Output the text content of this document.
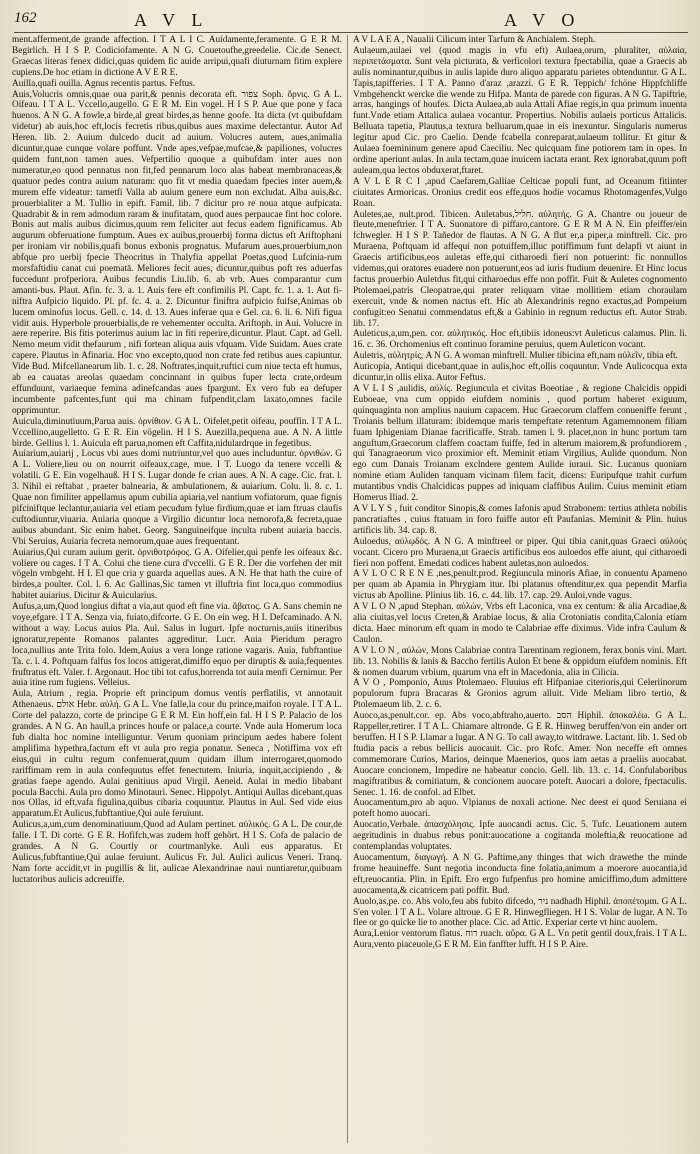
162	A V L	A V O

ment.afferment,de grande affection. I T A L I C. Auidamente,feramente. G E R M. Begirlich. H I S P. Codiciofamente. A N G. Couetoufhe,greedelie. Cic.de Senect. Graecas literas fenex didici,quas quidem fic auide arripui,quafi diuturnam fitim explere cupiens.De hoc etiam in dictione A V E R E.

Auilla,quafi ouilla. Agnus recentis partus. Feftus.

Auis,Volucris omnis,quae oua parit,& pennis decorata eft. צפור Soph. ὄρνις. G A L. Oifeau. I T A L. Vccello,augello. G E R M. Ein vogel. H I S P. Aue que pone y faca huenos. A N G. A fowle,a birde,al great birdes,as henne goofe. Ita dicta (vt quibufdam videtur) ab auis,hoc eft,locis fecretis ribus,quibus aues maxime delectantur. Autor Ad Heren. lib. 2. Auium dulcedo ducit ad auium. Volucres autem, aues,animalia dicuntur,quae cunque volare poffunt. Vnde apes,vefpae,mufcae,& papiliones, volucres quidem funt,non tamen aues. Vefpertilio quoque a quibufdam inter aues non numeratur,eo quod pennatus non fit,fed pennarum loco alas habeat membranaceas,& quatuor pedes contra auium naturam: quo fit vt media quaedam fpecies inter auem,& murem effe videatur: tametfi Valla ab auium genere eum non excludat. Alba auis,&c. prouerbialiter a M. Tullio in epift. Famil. lib. 7 dicitur pro re noua atque aufpicata. Quadrabit & in rem admodum raram & inufitatam, quod aues perpaucae fint hoc colore. Bonis aut malis auibus dicimus,quum rem feliciter aut fecus eadem fignificamus. Ab augurum obferuatione fumptum. Aues ex auibus,prouerbij forma dictus eft Ariftophani per ironiam vir nobilis,quafi bonus exbonis prognatus. Mufarum aues,prouerbium,non abfque pro uerbij fpecie Theocritus in Thalyfia appellat Poetas,quod Lufcinia-rum morsfaftidiu canat cui poematā. Meliores fecit aues, dicuntur,quibus poft res aduerfas fuccedunt profperiora. Auibus fecundis Liu.lib. 6. ab vrb. Aues comparantur cum amanti-bus. Plaut. Afin. fc. 3. a. 1. Auis fere eft confimilis Pl. Capt. fc. 1. a. 1. Aut fi-niftra Aufpicio liquido. Pl. pf. fc. 4. a. 2. Dicuntur finiftra aufpicio fuifse,Animas ob lucem ominofus locus. Gell. c. 14. d. 13. Aues inferae qua e Gel. ca. 6. li. 6. Nifi figua vidit auis. Hyperbole prouerbialis,de re vehementer occulta. Ariftoph. in Aui. Volucre in aere reperire. Bis fitis poterimus auium lac in fiti reperire,dicuntur. Plaut. Capt. ad Gell. Nemo meum vidit thefaurum , nifi fortean aliqua auis vfquam. Vide Suidam. Aues crate capere. Plautus in Afinaria. Hoc vno excepto,quod non crate fed retibus aues capiuntur. Vide Bud. Mifcellanearum lib. 1. c. 28. Noftrates,inquit,ruftici cum niue tecta eft humus, ab ea cauatas areolas quaedam concinnant in quibus fuper lecta crate,ordeum effunduunt, variaeque femina adinefcandas aues fpargunt. Ex vero fub ea defuper incumbente pafcentes,funt qui ma chinam fufpendit,clam laxato,omnes facile opprimuntur.

Auicula,diminutiuum,Parua auis. ὀρνίθιον. G A L. Oifelet,petit oifeau, pouffin. I T A L. Vccellino,augelletto. G E R. Ein vögelin. H I S. Auezilla,pequena aue. A N. A little birde. Gellius l. 1. Auicula eft parua,nomen eft Caffita,nidulardrque in fegetibus.

Auiarium,auiarij , Locus vbi aues domi nutriuntur,vel quo aues includuntur. ὀρνιθών. G A L. Voliere,lieu ou on nourrit oifeaux,cage, mue. I T. Luogo da tenere vccelli & volatili. G E. Ein vogelhauß. H I S. Lugar donde fe crian aues. A N. A cage. Cic. frat. l. 3. Nihil ei reftabat , praeter balnearia, & ambulationem, & auiarium. Colu. li. 8. c. 1. Quae non fimiliter appellamus apum cubilia apiaria,vel nantium vofiatorum, quae fignis pifciniftque leclantur,auiaria vel etiam pecudum fylue firdium,quae et iam ftruas claufis cuftodiuntur,viuaria. Auiaria quoque a Virgilio dicuntur loca nemorofa,& fecreta,quae auibus abundant. Sic enim habet. Georg. Sanguineifque inculta rubent auiaria baccis. Vbi Seruius, Auiaria fecreta nemorum,quae aues frequentant.

Auiarius,Qui curam auium gerit. ὀρνιθοτρόφος. G A. Oifelier,qui penfe les oifeaux &c. voliere ou cages. I T A. Colui che tiene cura d'vccelli. G E R. Der die vorfehen der mit vögeln vmbgeht. H I. El que cria y guarda aquellas aues. A N. He that hath the cuire of birdes,a poulter. Col. l. 6. Ac Gallinas,Sic tamen vt illuftria fint loca,quo commodius habitet auiarius. Dicitur & Auicularius.

Aufus,a,um,Quod longius diftat a via,aut quod eft fine via. ἄβατος. G A. Sans chemin ne voye,efgare. I T A. Senza via, fuiato,difcorte. G E. On ein weg. H I. Defcaminado. A N. without a way. Locus auius Pla. Aul. Salus in Iugurt. Ipfe nocturnis,auiis itineribus ignoratur,repente Romanos palantes aggreditur. Lucr. Auia Pieridum peragro loca,nullius ante Trita folo. Idem,Auius a vera longe ratione vagaris. Auia, fubftantiue Ta. c. l. 4. Poftquam falfus fos locos attigerat,dimiffo equo per diruptis & auia,fequentes fruftratus eft. Valer. f. Argonaut. Hoc tibi tot cafus,horrenda tot auia menfi Cernimur. Per auia itine rum fugiens. Velleius.

Aula, Atrium , regia. Proprie eft principum domus ventis perflatilis, vt annotauit Athenaeus. אולם Hebr. αὐλή. G A L. Vne falle,la cour du prince,maifon royale. I T A L. Corte del palazzo, corte de principe G E R M. Ein hoff,ein fal. H I S P. Palacio de los grandes. A N G. An haull,a princes houfe or palace,a courte. Vnde aula Homerum loca fub dialta hoc nomine intelliguntur. Verum quoniam principum aedes habere folent amplifima hypethra,factum eft vt aula pro regia ponatur. Seneca , Notiffima vox eft eius,qui in cultu regum confenuerat,quum quidam illum interrogaret,quomodo rariffimam rem in aula confequutus effet fenectutem. Iniuria, inquit,accipiendo , & gratias faepe agendo. Aulai genitiuus apud Virgil. Aeneid. Aulai in medio libabant pocula Bacchi. Aula pro domo Minotauri. Senec. Hippolyt. Antiqui Aullas dicebant,quas nos Ollas, id eft,vafa figulina,quibus cibaria coquuntur. Plautus in Aul. Sed vide eius apparatum.Et Aulicus,fubftantiue,Qui aule feruiunt.

Aulicus,a,um,cum denominatiuum,Quod ad Aulam pertinet. αὐλικός. G A L. De cour,de falle. I T. Di corte. G E R. Hofifch,was zudem hoff gehört. H I S. Cofa de palacio de grandes. A N G. Courtly or courtmanlyke. Auli eus apparatus. Et Aulicus,fubftantiue,Qui aulae feruiunt. Aulicus Fr. Jul. Aulici aulicus Veneri. Tranq. Nam forte accidit,vt in pugillis & lit, aulicae Alexandrinae naui nuntiaretur,quibuam luctatoribus aulicis adcreuiffe.

A V L A E A , Naualii Cilicum inter Tarfum & Anchialem. Steph.

Aulaeum,aulaei vel (quod magis in vfu eft) Aulaea,orum, pluraliter, αὐλαία, περιπετάσματα. Sunt vela picturata, & verficolori textura fpectabilia, quae a Graecis ab aulis nominantur,quibus in aulis lapide duro aliquo apparatu parietes obtenduntur. G A L. Tapis,tapifferies. I T A. Panno d'araz ,arazzi. G E R. Teppich/ fchöne Hippfchliffe Vmbgehenckt wercke die wende zu Hifpa. Manta de parede con figuras. A N G. Tapiftrie, arras, hangings of houfes. Dicta Aulaea,ab aula Attali Afiae regis,in qua primum inuenta funt.Vnde etiam Attalica aulaea vocantur. Propertius. Nobilis aulaeis porticus Attalicis. Belluata tapetia, Plautus,a textura belluarum,quae in eis inexuntur. Singularis numerus legitur apud Cic. pro Caelio. Dende fcabella conreparat,aulaeum tollitur. Et gitur & Aulaea foemininum genere apud Caeciliu. Nec quicquam fine potiorem tam in opes. In ordine aperiunt aulas. In aula tectam,quae inuicem iactata erant. Rex ignorabat,quum poft auleam,qua lectos obduxerat,ftaret.

A V L E R C I ,apud Caefarem,Galliae Celticae populi funt, ad Oceanum fitiinter ciuitates Armoricas. Oronius credit eos effe,quos hodie vocamus Rhotomagenfes,Vulgo Roan.

Auletes,ae, nult.prod. Tibicen. Auletabus,חליל. αὐλητής. G A. Chantre ou joueur de fleute,meneftrier. I T A. Suonatore di piffaro,cantore. G E R M A N. Ein pfeiffer/ein fchwegler. H I S P. Tañedor de flautas. A N G. A flut er,a piper,a minftrell. Cic. pro Muraena, Poftquam id affequi non potuiffem,illuc potiffimum funt delapfi vt aiunt in Graecis artificibus,eos auletas effe,qui citharoedi fieri non potuerint: fic nonnullos videmus,qui oratores euadere non potuerunt,eos ad iuris ftudium deuenire. Et Hinc locus factus prouerbio Auletdus fit,qui citharoedus effe non poffit. Fuit & Auletes cognomento Ptolemaei,patris Cleopatrae,qui prater reliquam vitae mollitiem etiam choraulam exercuit, vnde & nomen nactus eft. Hic ab Alexandrinis regno exactus,ad Pompeium confugit:eo Senatui commendatus eft,& a Gabinio in regnum reductus eft. Autor Strab. lib. 17.

Auleticus,a,um,pen. cor. αὐλητικός. Hoc eft,tibiis idoneus:vt Auleticus calamus. Plin. li. 16. c. 36. Orchomenius eft continuo foramine peruius, quem Auleticon vocant.

Auletris, αὐλητρίς, A N G. A woman minftrell. Mulier tibicina eft,nam αὐλεῖν, tibia eft.

Auticopia, Antiqui dicebant,quae in aulis,hoc eft,ollis coquuntur. Vnde Aulicocqua exta dicuntur,in ollis elixa. Autor Feftus.

A V L I S ,aulidis, αὐλίς. Regiuncula et civitas Boeotiae , & regione Chalcidis oppidi Euboeae, vna cum oppido eiufdem nominis , quod portum haberet exiguum, quinquaginta non amplius nauium capacem. Huc Graecorum claffem conueniffe ferunt , Troianis bellum illaturam: ibidemque maris tempeftate retentum Agamemnonem filiam fuam Iphigeniam Dianae facrificaffe. Strab. tamen l. 9. placet,non in hunc portum tam anguftum,Graecorum claffem coactam fuiffe, fed in alterum maiorem,& profundiorem , qui Tanagraeorum vico proximior eft. Meminit etiam Virgilius, Aulide quondum. Non ego cum Danais Troianam exclndere gentem Aulide iuraui. Sic. Lucanus quoniam nomine etiam Auliden tanquam vicinam filem facit, dicens: Euripufque trahit curfum mutantibus vndis Chalcidicas puppes ad iniquam claffibus Aulim. Cuius meminit etiam Homerus Iliad. 2.

A V L Y S , fuit conditor Sinopis,& comes Iafonis apud Strabonem: tertius athleta nobilis pancratiaftes , cuius ftatuam in foro fuiffe autor eft Paufanias. Meminit & Plin. huius artificis lib. 34. cap. 8.

Auloedus, αὐλῳδός. A N G. A minftreel or piper. Qui tibia canit,quas Graeci αὐλοὺς vocant. Cicero pro Muraena,ut Graecis artificibus eos auloedos effe aiunt, qui citharoedi fieri non poffent. Emedati codices habent auletas,non auloedos.

A V L O C R E N E ,nes,penult.prod. Regiuncula minoris Afiae, in conuentu Apameno per quam ab Apamia in Phrygiam itur. Ibi platanus oftenditur,ex qua pependit Marfia victus ab Apolline. Plinius lib. 16. c. 44. lib. 17. cap. 29. Auloi,vnde vagus.

A V L O N ,apud Stephan. αὐλών, Vrbs eft Laconica, vna ex centum: & alia Arcadiae,& alia ciuitas,vel locus Creten,& Arabiae locus, & alia Crotoniatis condita,Calonia etiam dicta. Haec minorum eft quam in modo te Calabriae effe diximus. Vide infra Caulum & Caulon.

A V L O N , αὐλών, Mons Calabriae contra Tarentinam regionem, ferax bonis vini. Mart. lib. 13. Nobilis & lanis & Baccho fertilis Aulon Et bene & oppidum eiufdem nominis. Eft & nomen duarum vrbium, quarum vna eft in Macedonia, alia in Cilicia.

A V O , Pomponio, Auus Ptolemaeo. Fluuius eft Hifpaniae citerioris,qui Celeriinorum populorum fupra Bracaras & Gronios agrum alluit. Vide Meliam libro tertio, & Ptolemaeum lib. 2. c. 6.

Auoco,as,penult.cor. ep. Abs voco,abftraho,auerto. הסב Hiphil. ἀποκαλέω. G A L. Rappeller,retirer. I T A L. Chiamare altronde. G E R. Hinweg beruffen/von ein ander ort beruffen. H I S P. Llamar a lugar. A N G. To call away,to witdrawe. Lactant. lib. 1. Sed ob ftudia pacis a rebus bellicis auocauit. Cic. pro Rofc. Amer. Non neceffe eft omnes commemorare Curios, Marios, deinque Maenerios, quos iam aetas a praeliis auocabat. Auocare concionem, Impedire ne habeatur concio. Gell. lib. 13. c. 14. Confulaboribus magiftratibus & comitiatum, & concionem auocare poteft. Auocari a dolore, fpectaculis. Senec. 1. 16. de confol. ad Elbet.

Auocamentum,pro ab aquo. Vlpianus de noxali actione. Nec deest ei quod Seruiana ei poteft homo auocari.

Auocatio,Verbale. ἀπασχόλησις. Ipfe auocandi actus. Cic. 5. Tufc. Leuationem autem aegritudinis in duabus rebus ponit:auocatione a cogitanda moleftia,& reuocatione ad contemplandas voluptates.

Auocamentum, διαγωγή. A N G. Paftime,any thinges that wich drawethe the minde frome heauineffe. Sunt negotia inconducta fine folatia,animum a moerore auocantia,id eft,reuocantia. Plin. in Epift. Ero ergo fufpenfus pro homine amiciffimo,dum admittere auocamenta,& cicatricem pati poffit. Bud.

Auolo,as,pe. co. Abs volo,feu abs fubito difcedo, ניר nadhadh Hiphil. ἀποπέτομαι. G A L. S'en voler. I T A L. Volare altroue. G E R. Hinwegfliegen. H I S. Volar de lugar. A N. To flee or go quicke lie to another place. Cic. ad Attic. Experiar certe vt hinc auolem.

Aura,Lenior ventorum flatus. רוח ruach. αὔρα. G A L. Vn petit gentil doux,frais. I T A L. Aura,vento piaceuole,G E R M. Ein fanffter lufft. H I S P. Aire.
